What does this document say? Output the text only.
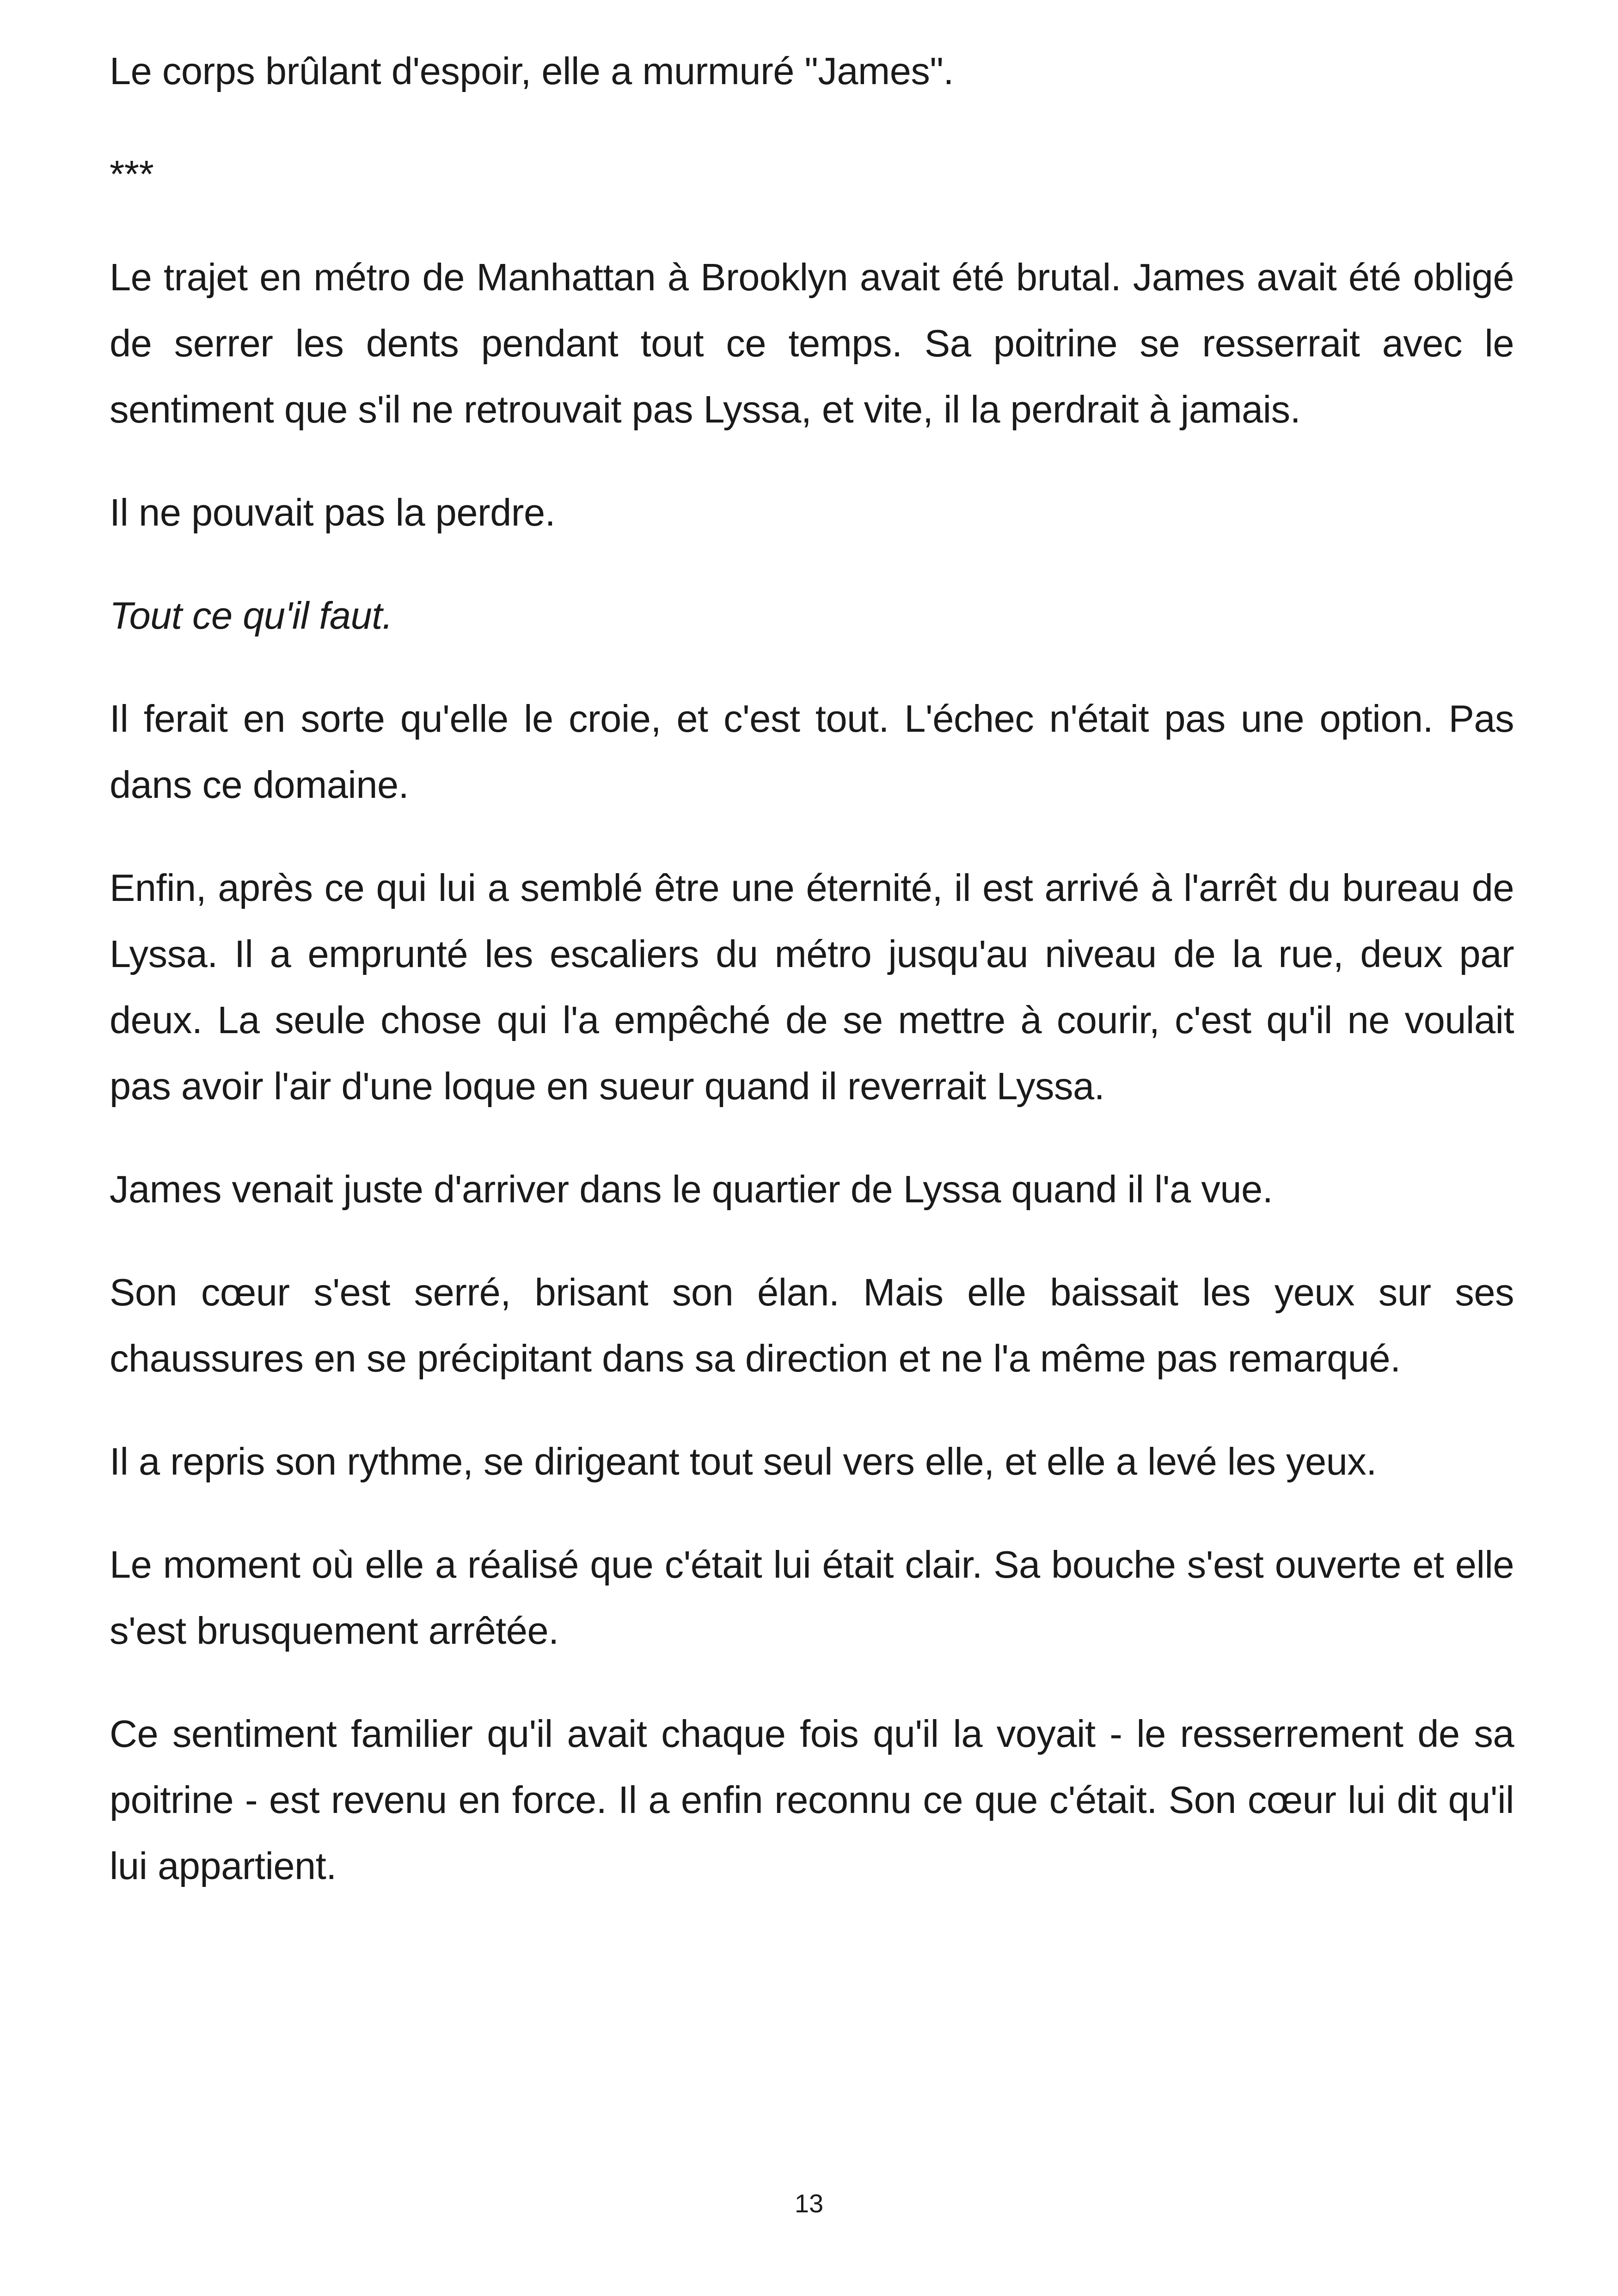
Le corps brûlant d'espoir, elle a murmuré "James".

***

Le trajet en métro de Manhattan à Brooklyn avait été brutal. James avait été obligé de serrer les dents pendant tout ce temps. Sa poitrine se resserrait avec le sentiment que s'il ne retrouvait pas Lyssa, et vite, il la perdrait à jamais.

Il ne pouvait pas la perdre.

Tout ce qu'il faut.

Il ferait en sorte qu'elle le croie, et c'est tout. L'échec n'était pas une option. Pas dans ce domaine.

Enfin, après ce qui lui a semblé être une éternité, il est arrivé à l'arrêt du bureau de Lyssa. Il a emprunté les escaliers du métro jusqu'au niveau de la rue, deux par deux. La seule chose qui l'a empêché de se mettre à courir, c'est qu'il ne voulait pas avoir l'air d'une loque en sueur quand il reverrait Lyssa.

James venait juste d'arriver dans le quartier de Lyssa quand il l'a vue.

Son cœur s'est serré, brisant son élan. Mais elle baissait les yeux sur ses chaussures en se précipitant dans sa direction et ne l'a même pas remarqué.

Il a repris son rythme, se dirigeant tout seul vers elle, et elle a levé les yeux.

Le moment où elle a réalisé que c'était lui était clair. Sa bouche s'est ouverte et elle s'est brusquement arrêtée.

Ce sentiment familier qu'il avait chaque fois qu'il la voyait - le resserrement de sa poitrine - est revenu en force. Il a enfin reconnu ce que c'était. Son cœur lui dit qu'il lui appartient.

13
